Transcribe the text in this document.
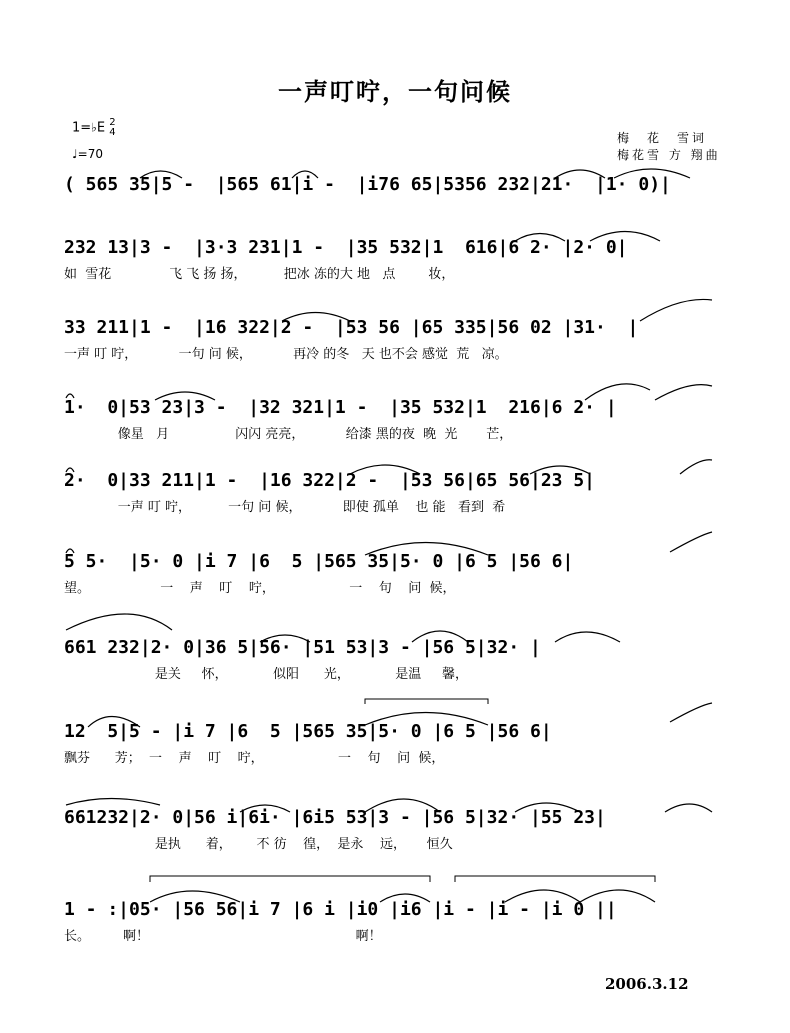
一声叮咛，一句问候
1=♭E 2
4
♩=70
梅　花　雪词
梅花雪 方 翔曲
( 565 35|5 -  |565 61|i -  |i76 65|5356 232|21·  |1· 0)|
232 13|3 -  |3·3 231|1 -  |35 532|1  616|6 2· |2· 0|
如  雪花              飞 飞 扬 扬，         把冰 冻的大 地   点        妆，
33 211|1 -  |16 322|2 -  |53 56 |65 335|56 02 |31·  |
一声 叮 咛，          一句 问 候，          再冷 的冬   天 也不会 感觉  荒   凉。
1·  0|53 23|3 -  |32 321|1 -  |35 532|1  216|6 2· |
像星   月                闪闪 亮亮，          给漆 黑的夜  晚  光       芒，
2·  0|33 211|1 -  |16 322|2 -  |53 56|65 56|23 5|
一声 叮 咛，         一句 问 候，          即使 孤单    也 能   看到  希
5 5·  |5· 0 |i 7 |6  5 |565 35|5· 0 |6 5 |56 6|
望。                 一    声    叮    咛，                  一    句    问  候，
661 232|2· 0|36 5|56· |51 53|3 - |56 5|32· |
是关     怀，           似阳      光，           是温     馨，
12  5|5 - |i 7 |6  5 |565 35|5· 0 |6 5 |56 6|
飘芬      芳；  一    声    叮    咛，                  一    句    问  候，
661232|2· 0|56 i|6i· |6i5 53|3 - |56 5|32· |55 23|
是执      着，      不 彷    徨，  是永    远，     恒久
1 - :|05· |56 56|i 7 |6 i |i0 |i6 |i - |i - |i 0 ||
长。        啊！                                                  啊！
2006.3.12
